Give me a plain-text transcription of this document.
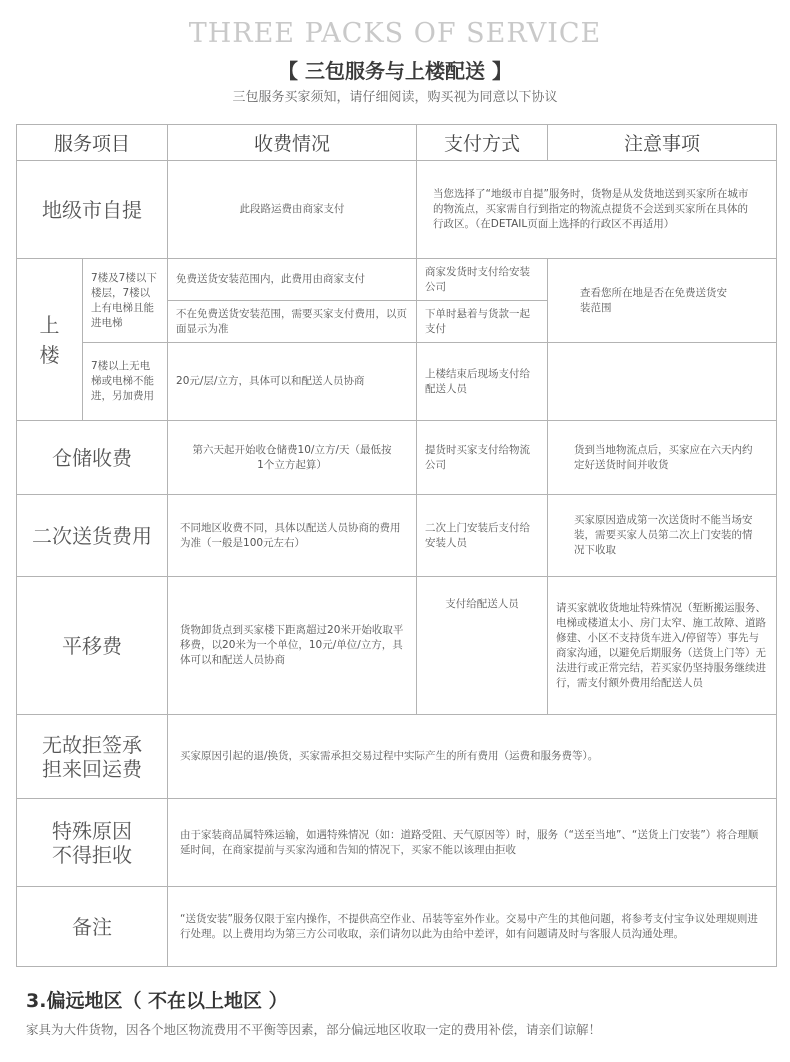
THREE PACKS OF SERVICE
【 三包服务与上楼配送 】
三包服务买家须知，请仔细阅读，购买视为同意以下协议
服务项目		收费情况	支付方式	注意事项
地级市自提		此段路运费由商家支付	当您选择了“地级市自提”服务时，货物是从发货地送到买家所在城市的物流点，买家需自行到指定的物流点提货不会送到买家所在具体的行政区。（在DETAIL页面上选择的行政区不再适用）	
上
楼	7楼及7楼以下楼层，7楼以上有电梯且能进电梯	免费送货安装范围内，此费用由商家支付	商家发货时支付给安装公司	查看您所在地是否在免费送货安装范围
		不在免费送货安装范围，需要买家支付费用，以页面显示为准	下单时悬着与货款一起支付	
	7楼以上无电梯或电梯不能进，另加费用	20元/层/立方，具体可以和配送人员协商	上楼结束后现场支付给配送人员	
仓储收费		第六天起开始收仓储费10/立方/天（最低按1个立方起算）	提货时买家支付给物流公司	货到当地物流点后，买家应在六天内约定好送货时间并收货
二次送货费用		不同地区收费不同，具体以配送人员协商的费用为准（一般是100元左右）	二次上门安装后支付给安装人员	买家原因造成第一次送货时不能当场安装，需要买家人员第二次上门安装的情况下收取
平移费		货物卸货点到买家楼下距离超过20米开始收取平移费，以20米为一个单位，10元/单位/立方，具体可以和配送人员协商	支付给配送人员	请买家就收货地址特殊情况（堑断搬运服务、电梯或楼道太小、房门太窄、施工故障、道路修建、小区不支持货车进入/停留等）事先与商家沟通，以避免后期服务（送货上门等）无法进行或正常完结，若买家仍坚持服务继续进行，需支付额外费用给配送人员
无故拒签承
担来回运费		买家原因引起的退/换货，买家需承担交易过程中实际产生的所有费用（运费和服务费等）。		
特殊原因
不得拒收		由于家装商品属特殊运输，如遇特殊情况（如：道路受阻、天气原因等）时，服务（“送至当地”、“送货上门安装”）将合理顺延时间，在商家提前与买家沟通和告知的情况下，买家不能以该理由拒收		
备注		“送货安装”服务仅限于室内操作，不提供高空作业、吊装等室外作业。交易中产生的其他问题，将参考支付宝争议处理规则进行处理。以上费用均为第三方公司收取，亲们请勿以此为由给中差评，如有问题请及时与客服人员沟通处理。		
3.偏远地区（ 不在以上地区 ）
家具为大件货物，因各个地区物流费用不平衡等因素，部分偏远地区收取一定的费用补偿，请亲们谅解！
